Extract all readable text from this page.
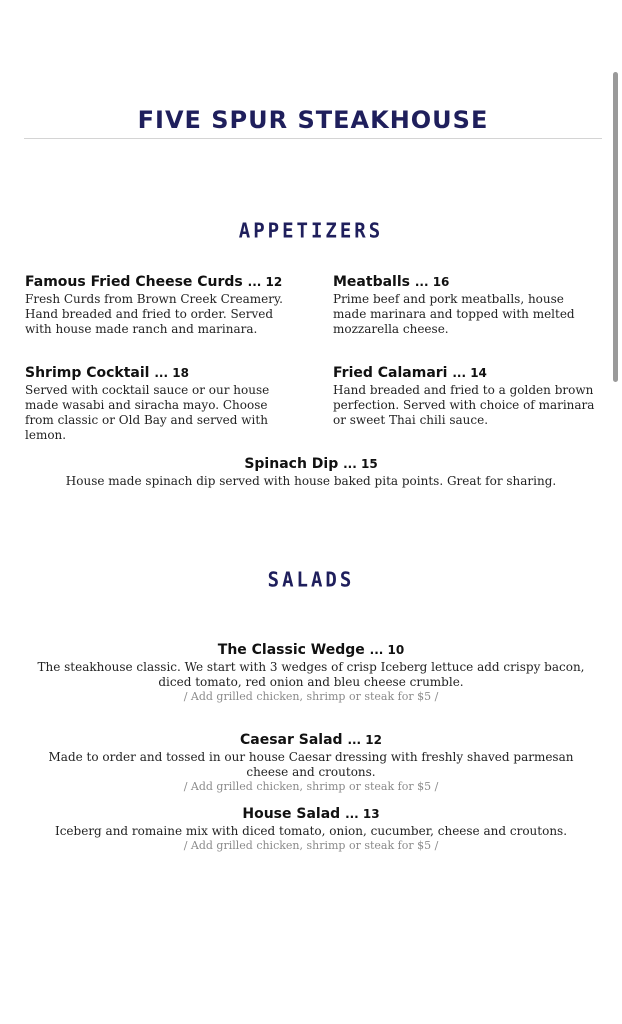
FIVE SPUR STEAKHOUSE
APPETIZERS
Famous Fried Cheese Curds ... 12
Fresh Curds from Brown Creek Creamery. Hand breaded and fried to order. Served with house made ranch and marinara.
Meatballs ... 16
Prime beef and pork meatballs, house made marinara and topped with melted mozzarella cheese.
Shrimp Cocktail ... 18
Served with cocktail sauce or our house made wasabi and siracha mayo. Choose from classic or Old Bay and served with lemon.
Fried Calamari ... 14
Hand breaded and fried to a golden brown perfection. Served with choice of marinara or sweet Thai chili sauce.
Spinach Dip ... 15
House made spinach dip served with house baked pita points. Great for sharing.
SALADS
The Classic Wedge ... 10
The steakhouse classic. We start with 3 wedges of crisp Iceberg lettuce add crispy bacon, diced tomato, red onion and bleu cheese crumble.
/ Add grilled chicken, shrimp or steak for $5 /
Caesar Salad ... 12
Made to order and tossed in our house Caesar dressing with freshly shaved parmesan cheese and croutons.
/ Add grilled chicken, shrimp or steak for $5 /
House Salad ... 13
Iceberg and romaine mix with diced tomato, onion, cucumber, cheese and croutons.
/ Add grilled chicken, shrimp or steak for $5 /
